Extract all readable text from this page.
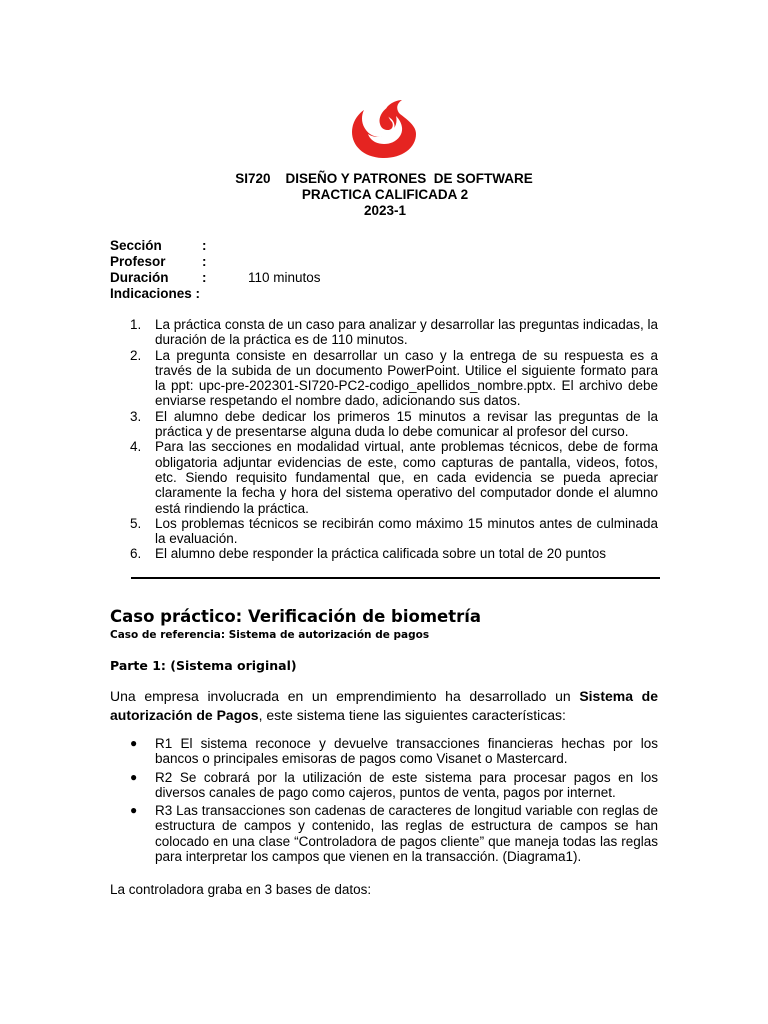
SI720    DISEÑO Y PATRONES  DE SOFTWARE
PRACTICA CALIFICADA 2
2023-1
Sección	:
Profesor	:
Duración	:	110 minutos
Indicaciones :
1.	La práctica consta de un caso para analizar y desarrollar las preguntas indicadas, la duración de la práctica es de 110 minutos.
2.	La pregunta consiste en desarrollar un caso y la entrega de su respuesta es a través de la subida de un documento PowerPoint. Utilice el siguiente formato para la ppt: upc-pre-202301-SI720-PC2-codigo_apellidos_nombre.pptx. El archivo debe enviarse respetando el nombre dado, adicionando sus datos.
3.	El alumno debe dedicar los primeros 15 minutos a revisar las preguntas de la práctica y de presentarse alguna duda lo debe comunicar al profesor del curso.
4.	Para las secciones en modalidad virtual, ante problemas técnicos, debe de forma obligatoria adjuntar evidencias de este, como capturas de pantalla, videos, fotos, etc. Siendo requisito fundamental que, en cada evidencia se pueda apreciar claramente la fecha y hora del sistema operativo del computador donde el alumno está rindiendo la práctica.
5.	Los problemas técnicos se recibirán como máximo 15 minutos antes de culminada la evaluación.
6.	El alumno debe responder la práctica calificada sobre un total de 20 puntos
Caso práctico: Verificación de biometría
Caso de referencia: Sistema de autorización de pagos
Parte 1: (Sistema original)
Una empresa involucrada en un emprendimiento ha desarrollado un Sistema de autorización de Pagos, este sistema tiene las siguientes características:
●	R1 El sistema reconoce y devuelve transacciones financieras hechas por los bancos o principales emisoras de pagos como Visanet o Mastercard.
●	R2 Se cobrará por la utilización de este sistema para procesar pagos en los diversos canales de pago como cajeros, puntos de venta, pagos por internet.
●	R3 Las transacciones son cadenas de caracteres de longitud variable con reglas de estructura de campos y contenido, las reglas de estructura de campos se han colocado en una clase “Controladora de pagos cliente” que maneja todas las reglas para interpretar los campos que vienen en la transacción. (Diagrama1).
La controladora graba en 3 bases de datos:
